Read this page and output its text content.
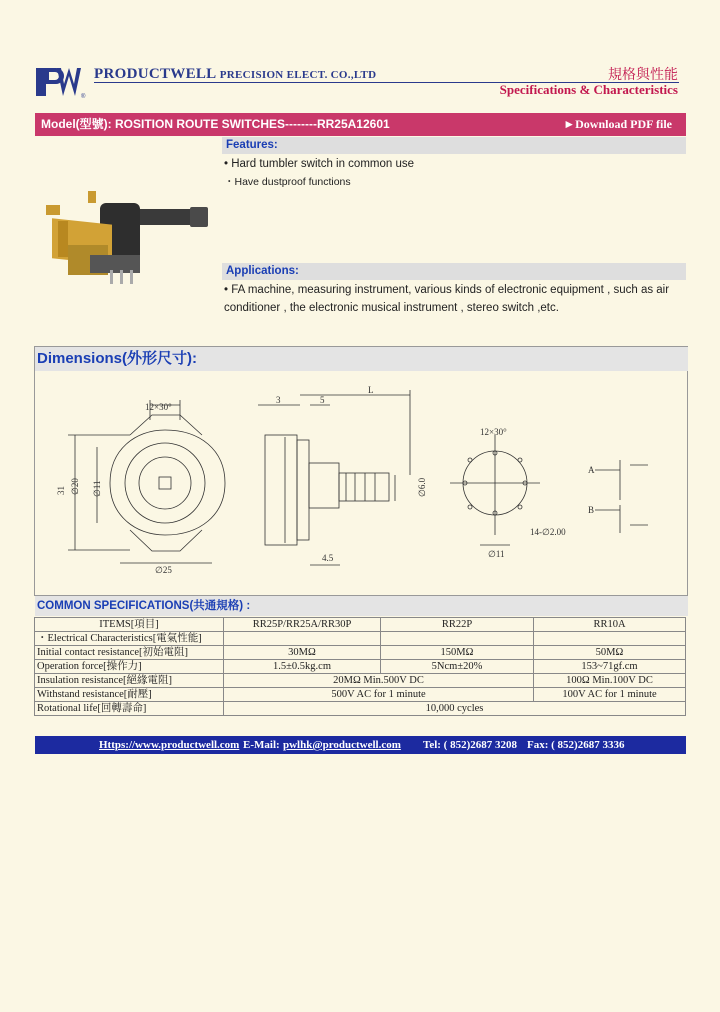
®
PRODUCTWELL PRECISION ELECT. CO.,LTD	規格與性能
Specifications & Characteristics
Model(型號): ROSITION ROUTE SWITCHES--------RR25A12601	►Download PDF file
Features:
• Hard tumbler switch in common use
・Have dustproof functions
Applications:
• FA machine, measuring instrument, various kinds of electronic equipment , such as air
conditioner , the electronic musical instrument , stereo switch ,etc.
Dimensions(外形尺寸):
12×30°
∅20 ∅11
31
∅25
3	5
L
∅6.0
4.5
12×30°
∅11
14-∅2.00
A
B
COMMON SPECIFICATIONS(共通規格) :
ITEMS[項目]	RR25P/RR25A/RR30P	RR22P	RR10A
・Electrical Characteristics[電氣性能]			
Initial contact resistance[初始電阻]	30MΩ	150MΩ	50MΩ
Operation force[操作力]	1.5±0.5kg.cm	5Ncm±20%	153~71gf.cm
Insulation resistance[絕緣電阻]	20MΩ Min.500V DC		100Ω Min.100V DC
Withstand resistance[耐壓]	500V AC for 1 minute		100V AC for 1 minute
Rotational life[回轉壽命]	10,000 cycles		
Https://www.productwell.com E-Mail: pwlhk@productwell.com Tel: ( 852)2687 3208 Fax: ( 852)2687 3336
